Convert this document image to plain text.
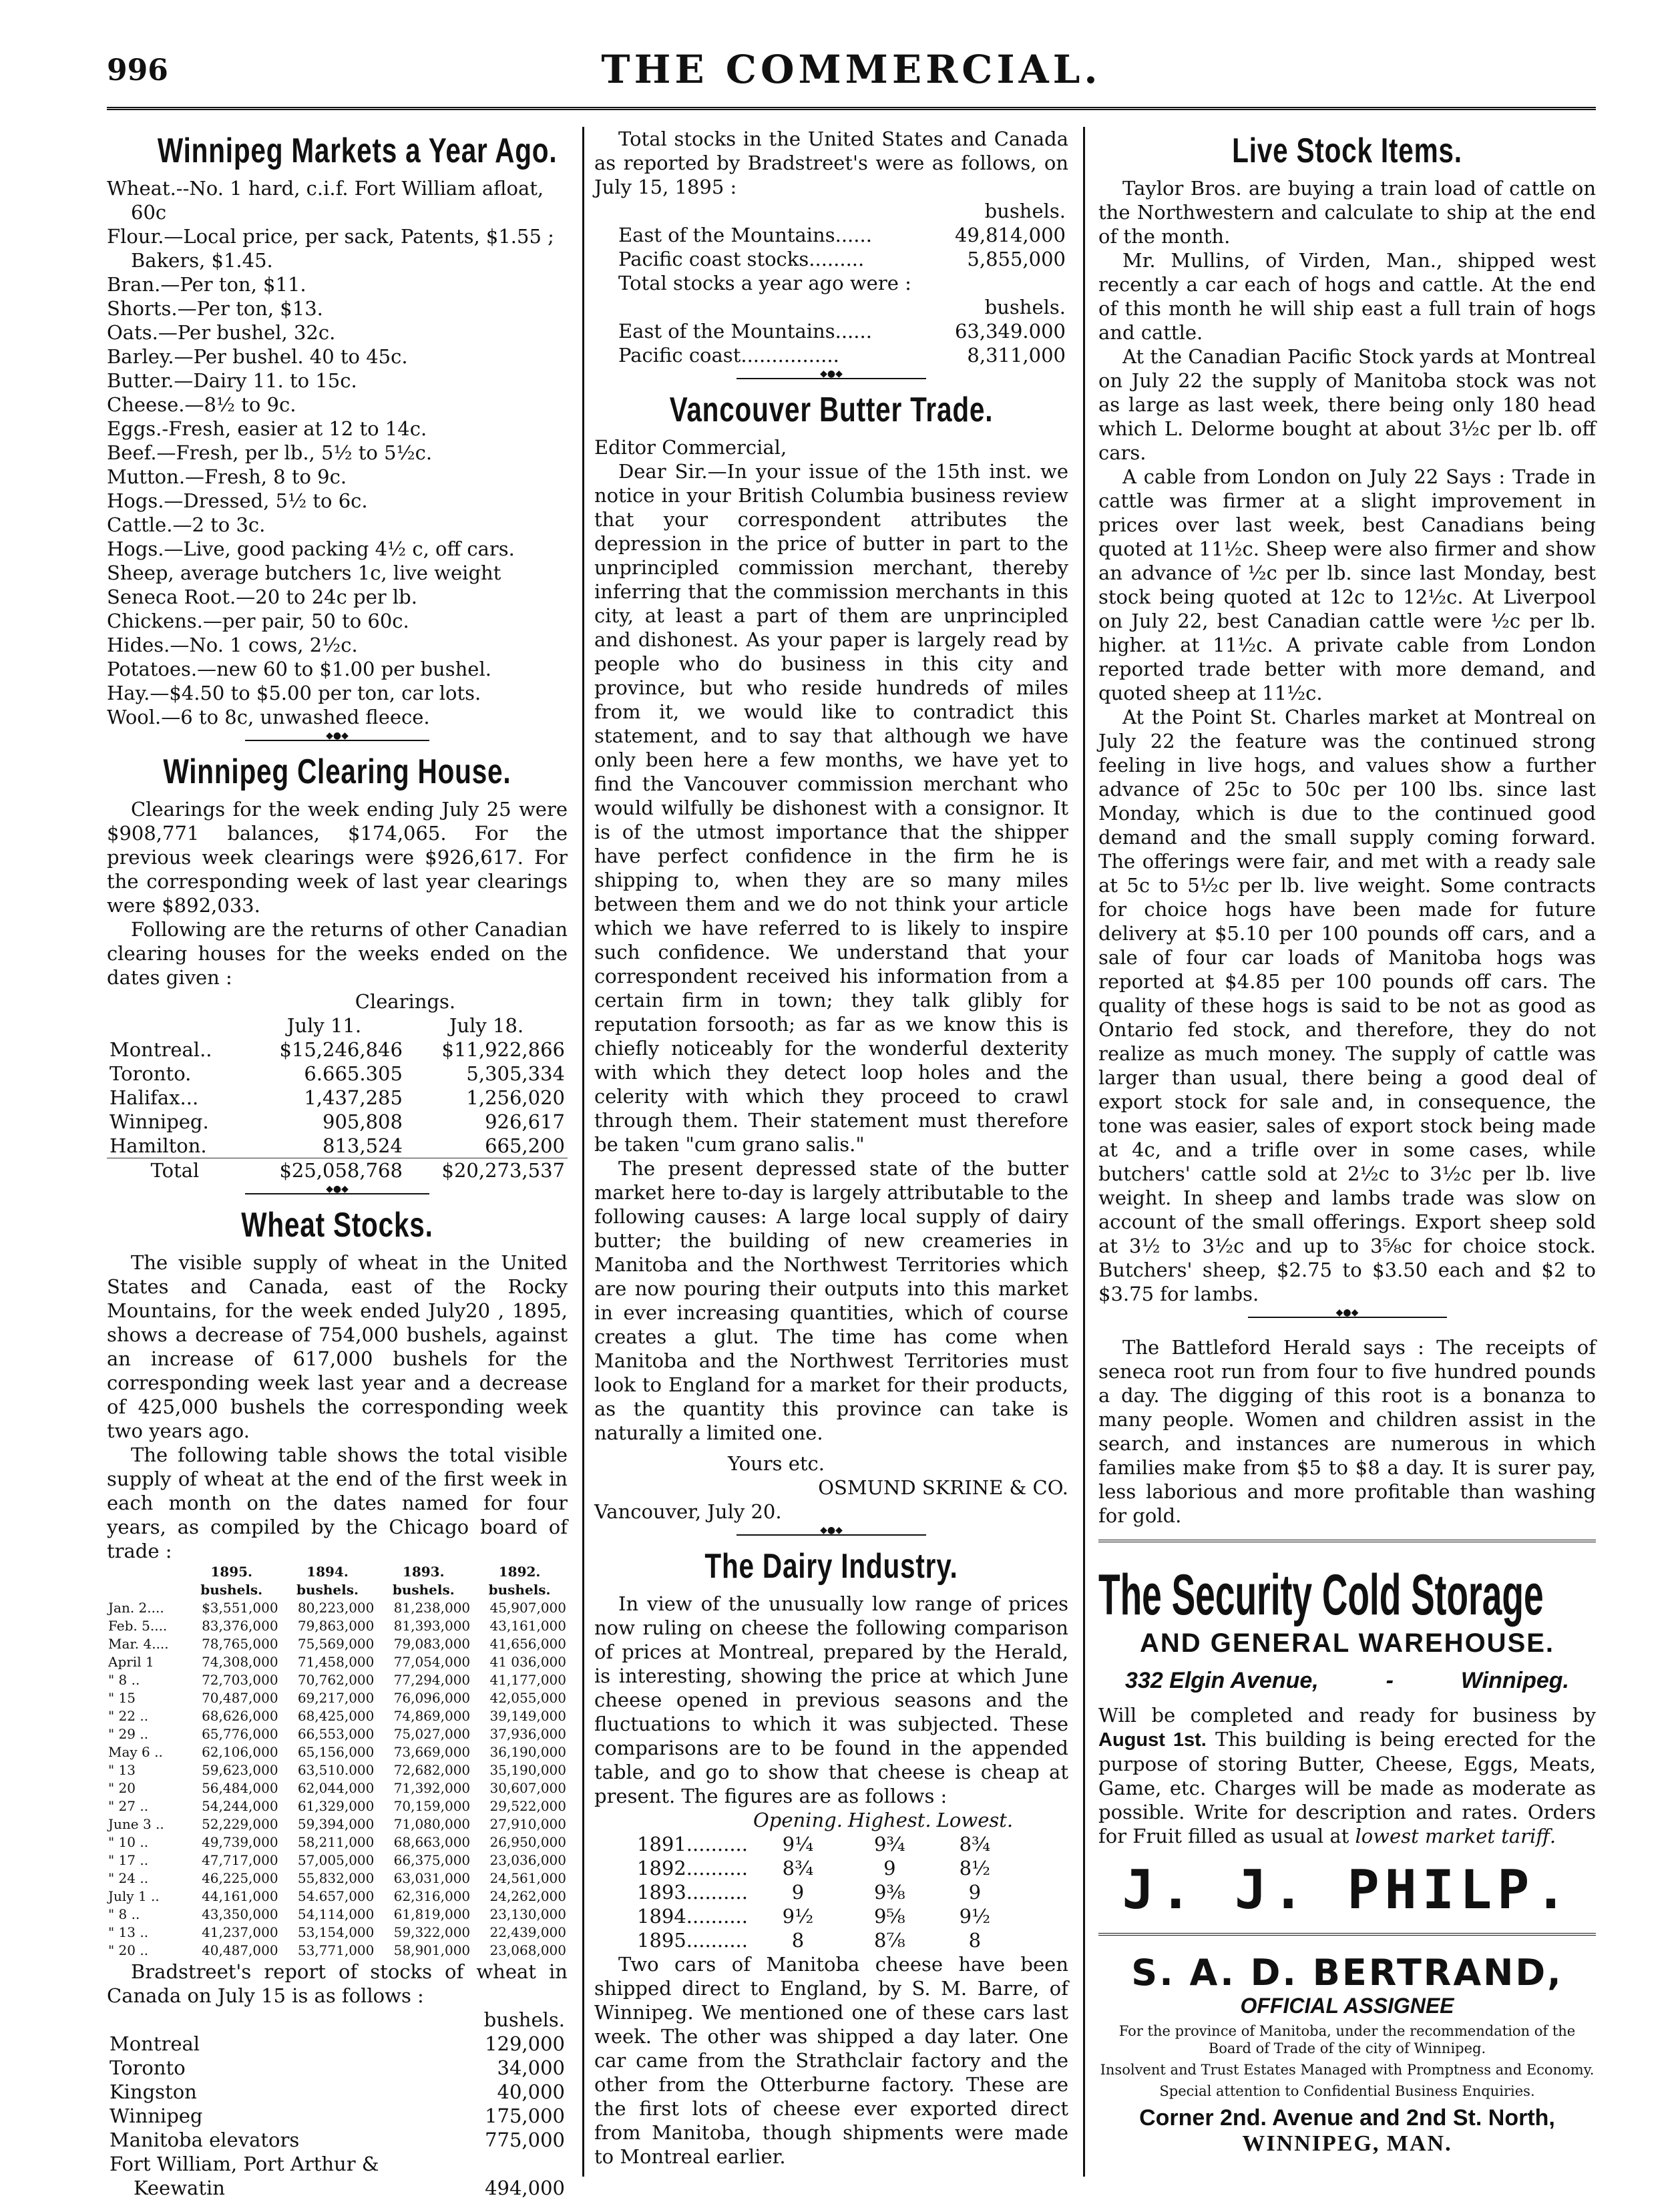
996	THE COMMERCIAL.
Winnipeg Markets a Year Ago.

Wheat.--No. 1 hard, c.i.f. Fort William afloat, 60c

Flour.—Local price, per sack, Patents, $1.55 ; Bakers, $1.45.

Bran.—Per ton, $11.

Shorts.—Per ton, $13.

Oats.—Per bushel, 32c.

Barley.—Per bushel. 40 to 45c.

Butter.—Dairy 11. to 15c.

Cheese.—8½ to 9c.

Eggs.-Fresh, easier at 12 to 14c.

Beef.—Fresh, per lb., 5½ to 5½c.

Mutton.—Fresh, 8 to 9c.

Hogs.—Dressed, 5½ to 6c.

Cattle.—2 to 3c.

Hogs.—Live, good packing 4½ c, off cars.

Sheep, average butchers 1c, live weight

Seneca Root.—20 to 24c per lb.

Chickens.—per pair, 50 to 60c.

Hides.—No. 1 cows, 2½c.

Potatoes.—new 60 to $1.00 per bushel.

Hay.—$4.50 to $5.00 per ton, car lots.

Wool.—6 to 8c, unwashed fleece.

◆●◆
Winnipeg Clearing House.

Clearings for the week ending July 25 were $908,771 balances, $174,065. For the previous week clearings were $926,617. For the corresponding week of last year clearings were $892,033.

Following are the returns of other Canadian clearing houses for the weeks ended on the dates given :

	Clearings.	
	July 11.	July 18.
Montreal..	$15,246,846	$11,922,866
Toronto.	6.665.305	5,305,334
Halifax...	1,437,285	1,256,020
Winnipeg.	905,808	926,617
Hamilton.	813,524	665,200
Total	$25,058,768	$20,273,537
◆●◆
Wheat Stocks.

The visible supply of wheat in the United States and Canada, east of the Rocky Mountains, for the week ended July20 , 1895, shows a decrease of 754,000 bushels, against an increase of 617,000 bushels for the corresponding week last year and a decrease of 425,000 bushels the corresponding week two years ago.

The following table shows the total visible supply of wheat at the end of the first week in each month on the dates named for four years, as compiled by the Chicago board of trade :

	1895.	1894.	1893.	1892.
	bushels.	bushels.	bushels.	bushels.
Jan. 2....	$3,551,000	80,223,000	81,238,000	45,907,000
Feb. 5....	83,376,000	79,863,000	81,393,000	43,161,000
Mar. 4....	78,765,000	75,569,000	79,083,000	41,656,000
April 1	74,308,000	71,458,000	77,054,000	41 036,000
" 8 ..	72,703,000	70,762,000	77,294,000	41,177,000
" 15	70,487,000	69,217,000	76,096,000	42,055,000
" 22 ..	68,626,000	68,425,000	74,869,000	39,149,000
" 29 ..	65,776,000	66,553,000	75,027,000	37,936,000
May 6 ..	62,106,000	65,156,000	73,669,000	36,190,000
" 13	59,623,000	63,510.000	72,682,000	35,190,000
" 20	56,484,000	62,044,000	71,392,000	30,607,000
" 27 ..	54,244,000	61,329,000	70,159,000	29,522,000
June 3 ..	52,229,000	59,394,000	71,080,000	27,910,000
" 10 ..	49,739,000	58,211,000	68,663,000	26,950,000
" 17 ..	47,717,000	57,005,000	66,375,000	23,036,000
" 24 ..	46,225,000	55,832,000	63,031,000	24,561,000
July 1 ..	44,161,000	54.657,000	62,316,000	24,262,000
" 8 ..	43,350,000	54,114,000	61,819,000	23,130,000
" 13 ..	41,237,000	53,154,000	59,322,000	22,439,000
" 20 ..	40,487,000	53,771,000	58,901,000	23,068,000

Bradstreet's report of stocks of wheat in Canada on July 15 is as follows :

	bushels.
Montreal	129,000
Toronto	34,000
Kingston	40,000
Winnipeg	175,000
Manitoba elevators	775,000
Fort William, Port Arthur &	
Keewatin	494,000

Total stocks in the United States and Canada as reported by Bradstreet's were as follows, on July 15, 1895 :

	bushels.
East of the Mountains......	49,814,000
Pacific coast stocks.........	5,855,000
Total stocks a year ago were :	
	bushels.
East of the Mountains......	63,349.000
Pacific coast................	8,311,000
◆●◆
Vancouver Butter Trade.

Editor Commercial,

Dear Sir.—In your issue of the 15th inst. we notice in your British Columbia business review that your correspondent attributes the depression in the price of butter in part to the unprincipled commission merchant, thereby inferring that the commission merchants in this city, at least a part of them are unprincipled and dishonest. As your paper is largely read by people who do business in this city and province, but who reside hundreds of miles from it, we would like to contradict this statement, and to say that although we have only been here a few months, we have yet to find the Vancouver commission merchant who would wilfully be dishonest with a consignor. It is of the utmost importance that the shipper have perfect confidence in the firm he is shipping to, when they are so many miles between them and we do not think your article which we have referred to is likely to inspire such confidence. We understand that your correspondent received his information from a certain firm in town; they talk glibly for reputation forsooth; as far as we know this is chiefly noticeably for the wonderful dexterity with which they detect loop holes and the celerity with which they proceed to crawl through them. Their statement must therefore be taken "cum grano salis."

The present depressed state of the butter market here to-day is largely attributable to the following causes: A large local supply of dairy butter; the building of new creameries in Manitoba and the Northwest Territories which are now pouring their outputs into this market in ever increasing quantities, which of course creates a glut. The time has come when Manitoba and the Northwest Territories must look to England for a market for their products, as the quantity this province can take is naturally a limited one.

Yours etc.

OSMUND SKRINE & CO.

Vancouver, July 20.

◆●◆
The Dairy Industry.

In view of the unusually low range of prices now ruling on cheese the following comparison of prices at Montreal, prepared by the Herald, is interesting, showing the price at which June cheese opened in previous seasons and the fluctuations to which it was subjected. These comparisons are to be found in the appended table, and go to show that cheese is cheap at present. The figures are as follows :

	Opening.	Highest.	Lowest.
1891..........	9¼	9¾	8¾
1892..........	8¾	9	8½
1893..........	9	9⅜	9
1894..........	9½	9⅝	9½
1895..........	8	8⅞	8

Two cars of Manitoba cheese have been shipped direct to England, by S. M. Barre, of Winnipeg. We mentioned one of these cars last week. The other was shipped a day later. One car came from the Strathclair factory and the other from the Otterburne factory. These are the first lots of cheese ever exported direct from Manitoba, though shipments were made to Montreal earlier.

Live Stock Items.

Taylor Bros. are buying a train load of cattle on the Northwestern and calculate to ship at the end of the month.

Mr. Mullins, of Virden, Man., shipped west recently a car each of hogs and cattle. At the end of this month he will ship east a full train of hogs and cattle.

At the Canadian Pacific Stock yards at Montreal on July 22 the supply of Manitoba stock was not as large as last week, there being only 180 head which L. Delorme bought at about 3½c per lb. off cars.

A cable from London on July 22 Says : Trade in cattle was firmer at a slight improvement in prices over last week, best Canadians being quoted at 11½c. Sheep were also firmer and show an advance of ½c per lb. since last Monday, best stock being quoted at 12c to 12½c. At Liverpool on July 22, best Canadian cattle were ½c per lb. higher. at 11½c. A private cable from London reported trade better with more demand, and quoted sheep at 11½c.

At the Point St. Charles market at Montreal on July 22 the feature was the continued strong feeling in live hogs, and values show a further advance of 25c to 50c per 100 lbs. since last Monday, which is due to the continued good demand and the small supply coming forward. The offerings were fair, and met with a ready sale at 5c to 5½c per lb. live weight. Some contracts for choice hogs have been made for future delivery at $5.10 per 100 pounds off cars, and a sale of four car loads of Manitoba hogs was reported at $4.85 per 100 pounds off cars. The quality of these hogs is said to be not as good as Ontario fed stock, and therefore, they do not realize as much money. The supply of cattle was larger than usual, there being a good deal of export stock for sale and, in consequence, the tone was easier, sales of export stock being made at 4c, and a trifle over in some cases, while butchers' cattle sold at 2½c to 3½c per lb. live weight. In sheep and lambs trade was slow on account of the small offerings. Export sheep sold at 3½ to 3½c and up to 3⅝c for choice stock. Butchers' sheep, $2.75 to $3.50 each and $2 to $3.75 for lambs.

◆●◆

The Battleford Herald says : The receipts of seneca root run from four to five hundred pounds a day. The digging of this root is a bonanza to many people. Women and children assist in the search, and instances are numerous in which families make from $5 to $8 a day. It is surer pay, less laborious and more profitable than washing for gold.

The Security Cold Storage
AND GENERAL WAREHOUSE.
332 Elgin Avenue,	-	Winnipeg.

Will be completed and ready for business by August 1st. This building is being erected for the purpose of storing Butter, Cheese, Eggs, Meats, Game, etc. Charges will be made as moderate as possible. Write for description and rates. Orders for Fruit filled as usual at lowest market tariff.

J. J. PHILP.
S. A. D. BERTRAND,
OFFICIAL ASSIGNEE
For the province of Manitoba, under the recommendation of the Board of Trade of the city of Winnipeg.
Insolvent and Trust Estates Managed with Promptness and Economy.
Special attention to Confidential Business Enquiries.
Corner 2nd. Avenue and 2nd St. North,
WINNIPEG, MAN.
